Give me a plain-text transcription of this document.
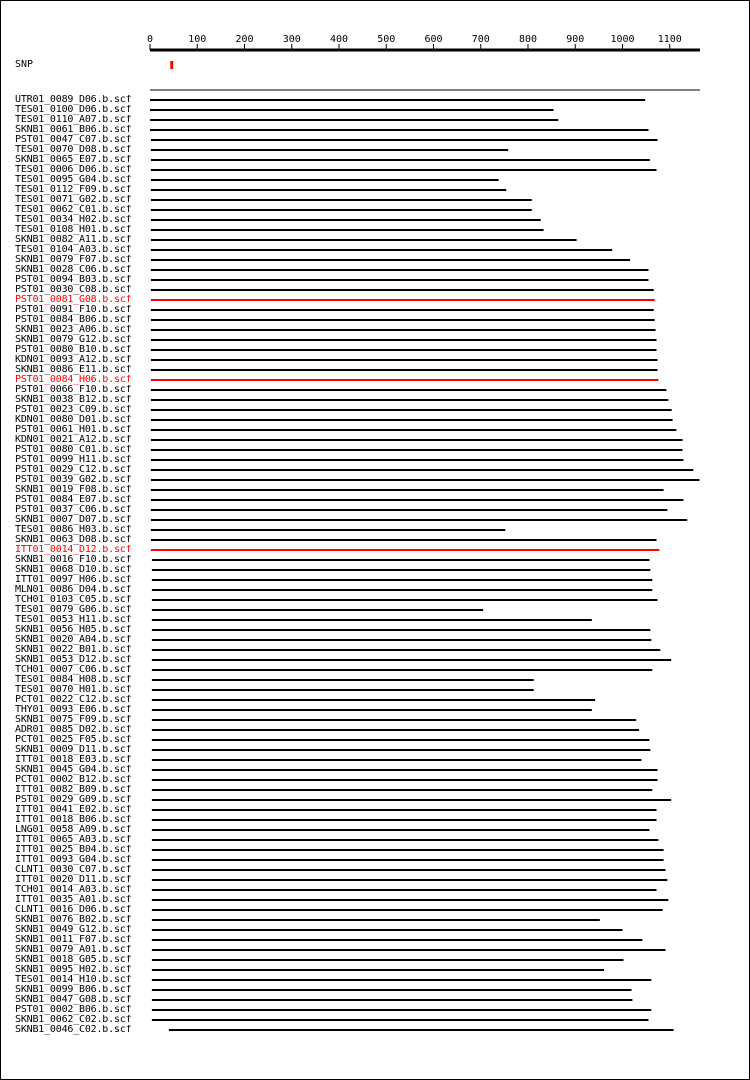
SNP
UTR01_0089_D06.b.scf
TES01_0100_D06.b.scf
TES01_0110_A07.b.scf
SKNB1_0061_B06.b.scf
PST01_0047_C07.b.scf
TES01_0070_D08.b.scf
SKNB1_0065_E07.b.scf
TES01_0006_D06.b.scf
TES01_0095_G04.b.scf
TES01_0112_F09.b.scf
TES01_0071_G02.b.scf
TES01_0062_C01.b.scf
TES01_0034_H02.b.scf
TES01_0108_H01.b.scf
SKNB1_0082_A11.b.scf
TES01_0104_A03.b.scf
SKNB1_0079_F07.b.scf
SKNB1_0028_C06.b.scf
PST01_0094_B03.b.scf
PST01_0030_C08.b.scf
PST01_0081_G08.b.scf
PST01_0091_F10.b.scf
PST01_0084_B06.b.scf
SKNB1_0023_A06.b.scf
SKNB1_0079_G12.b.scf
PST01_0080_B10.b.scf
KDN01_0093_A12.b.scf
SKNB1_0086_E11.b.scf
PST01_0084_H06.b.scf
PST01_0066_F10.b.scf
SKNB1_0038_B12.b.scf
PST01_0023_C09.b.scf
KDN01_0080_D01.b.scf
PST01_0061_H01.b.scf
KDN01_0021_A12.b.scf
PST01_0080_C01.b.scf
PST01_0099_H11.b.scf
PST01_0029_C12.b.scf
PST01_0039_G02.b.scf
SKNB1_0019_F08.b.scf
PST01_0084_E07.b.scf
PST01_0037_C06.b.scf
SKNB1_0007_D07.b.scf
TES01_0086_H03.b.scf
SKNB1_0063_D08.b.scf
ITT01_0014_D12.b.scf
SKNB1_0016_F10.b.scf
SKNB1_0068_D10.b.scf
ITT01_0097_H06.b.scf
MLN01_0086_D04.b.scf
TCH01_0103_C05.b.scf
TES01_0079_G06.b.scf
TES01_0053_H11.b.scf
SKNB1_0056_H05.b.scf
SKNB1_0020_A04.b.scf
SKNB1_0022_B01.b.scf
SKNB1_0053_D12.b.scf
TCH01_0007_C06.b.scf
TES01_0084_H08.b.scf
TES01_0070_H01.b.scf
PCT01_0022_C12.b.scf
THY01_0093_E06.b.scf
SKNB1_0075_F09.b.scf
ADR01_0085_D02.b.scf
PCT01_0025_F05.b.scf
SKNB1_0009_D11.b.scf
ITT01_0018_E03.b.scf
SKNB1_0045_G04.b.scf
PCT01_0002_B12.b.scf
ITT01_0082_B09.b.scf
PST01_0029_G09.b.scf
ITT01_0041_E02.b.scf
ITT01_0018_B06.b.scf
LNG01_0058_A09.b.scf
ITT01_0065_A03.b.scf
ITT01_0025_B04.b.scf
ITT01_0093_G04.b.scf
CLNT1_0030_C07.b.scf
ITT01_0020_D11.b.scf
TCH01_0014_A03.b.scf
ITT01_0035_A01.b.scf
CLNT1_0016_D06.b.scf
SKNB1_0076_B02.b.scf
SKNB1_0049_G12.b.scf
SKNB1_0011_F07.b.scf
SKNB1_0079_A01.b.scf
SKNB1_0018_G05.b.scf
SKNB1_0095_H02.b.scf
TES01_0014_H10.b.scf
SKNB1_0099_B06.b.scf
SKNB1_0047_G08.b.scf
PST01_0002_B06.b.scf
SKNB1_0062_C02.b.scf
SKNB1_0046_C02.b.scf
0	100	200	300	400	500	600	700	800	900	1000 1100
